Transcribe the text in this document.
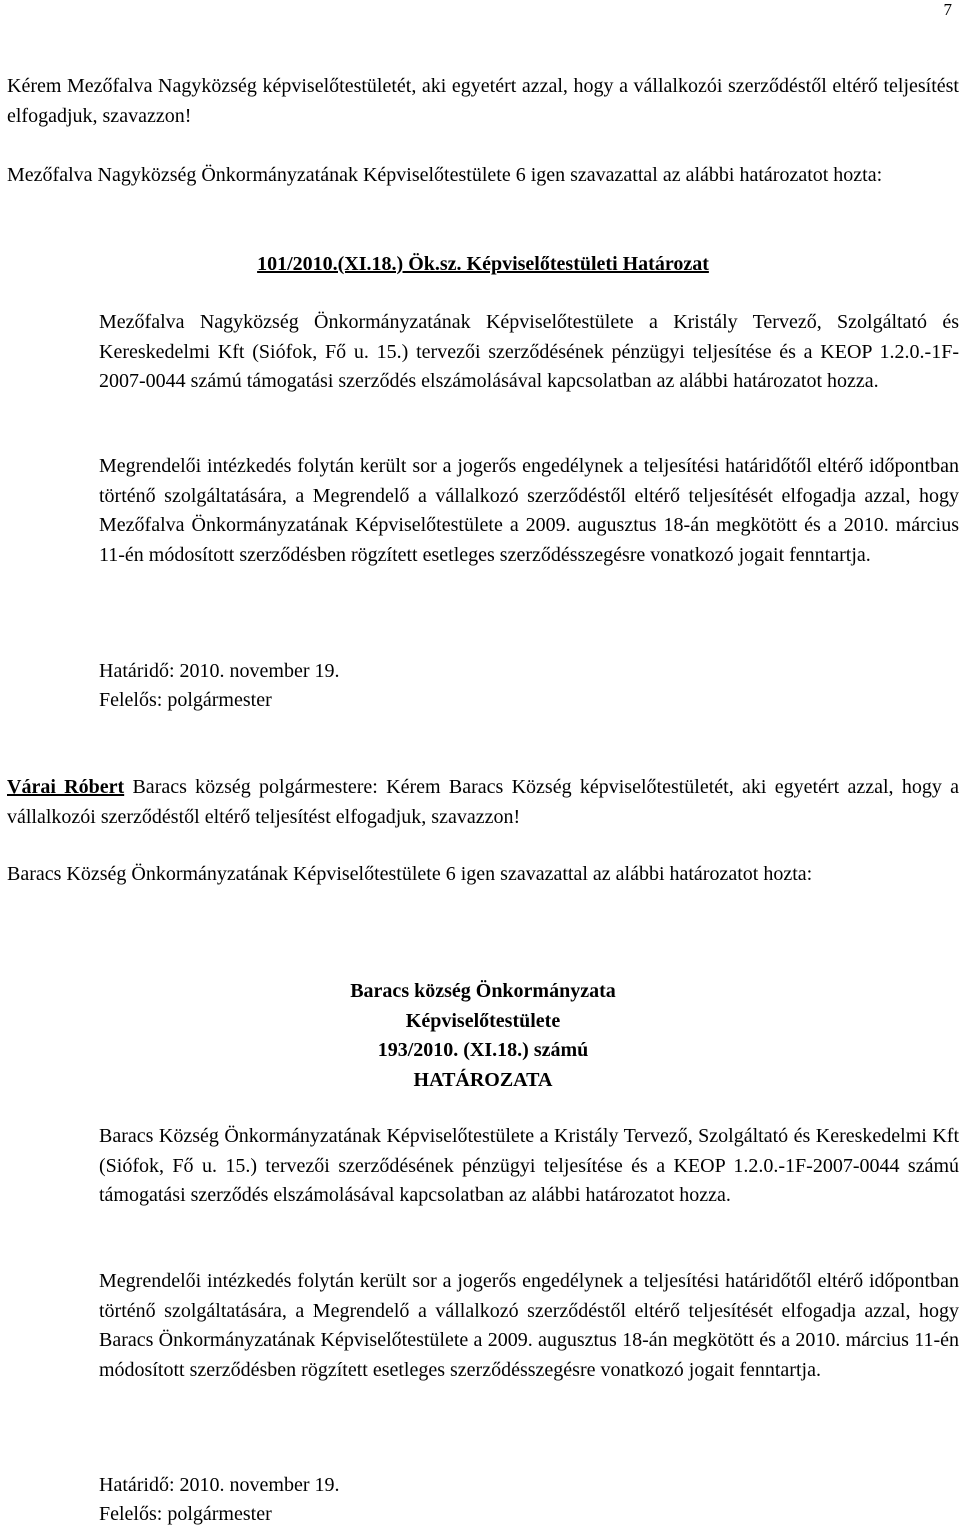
7

Kérem Mezőfalva Nagyközség képviselőtestületét, aki egyetért azzal, hogy a vállalkozói szerződéstől eltérő teljesítést elfogadjuk, szavazzon!

Mezőfalva Nagyközség Önkormányzatának Képviselőtestülete 6 igen szavazattal az alábbi határozatot hozta:

101/2010.(XI.18.) Ök.sz. Képviselőtestületi Határozat

Mezőfalva Nagyközség Önkormányzatának Képviselőtestülete a Kristály Tervező, Szolgáltató és Kereskedelmi Kft (Siófok, Fő u. 15.) tervezői szerződésének pénzügyi teljesítése és a KEOP 1.2.0.-1F-2007-0044 számú támogatási szerződés elszámolásával kapcsolatban az alábbi határozatot hozza.

Megrendelői intézkedés folytán került sor a jogerős engedélynek a teljesítési határidőtől eltérő időpontban történő szolgáltatására, a Megrendelő a vállalkozó szerződéstől eltérő teljesítését elfogadja azzal, hogy Mezőfalva Önkormányzatának Képviselőtestülete a 2009. augusztus 18-án megkötött és a 2010. március 11-én módosított szerződésben rögzített esetleges szerződésszegésre vonatkozó jogait fenntartja.

Határidő: 2010. november 19.

Felelős: polgármester

Várai Róbert Baracs község polgármestere: Kérem Baracs Község képviselőtestületét, aki egyetért azzal, hogy a vállalkozói szerződéstől eltérő teljesítést elfogadjuk, szavazzon!

Baracs Község Önkormányzatának Képviselőtestülete 6 igen szavazattal az alábbi határozatot hozta:

Baracs község Önkormányzata

Képviselőtestülete

193/2010. (XI.18.) számú

HATÁROZATA

Baracs Község Önkormányzatának Képviselőtestülete a Kristály Tervező, Szolgáltató és Kereskedelmi Kft (Siófok, Fő u. 15.) tervezői szerződésének pénzügyi teljesítése és a KEOP 1.2.0.-1F-2007-0044 számú támogatási szerződés elszámolásával kapcsolatban az alábbi határozatot hozza.

Megrendelői intézkedés folytán került sor a jogerős engedélynek a teljesítési határidőtől eltérő időpontban történő szolgáltatására, a Megrendelő a vállalkozó szerződéstől eltérő teljesítését elfogadja azzal, hogy Baracs Önkormányzatának Képviselőtestülete a 2009. augusztus 18-án megkötött és a 2010. március 11-én módosított szerződésben rögzített esetleges szerződésszegésre vonatkozó jogait fenntartja.

Határidő: 2010. november 19.

Felelős: polgármester
